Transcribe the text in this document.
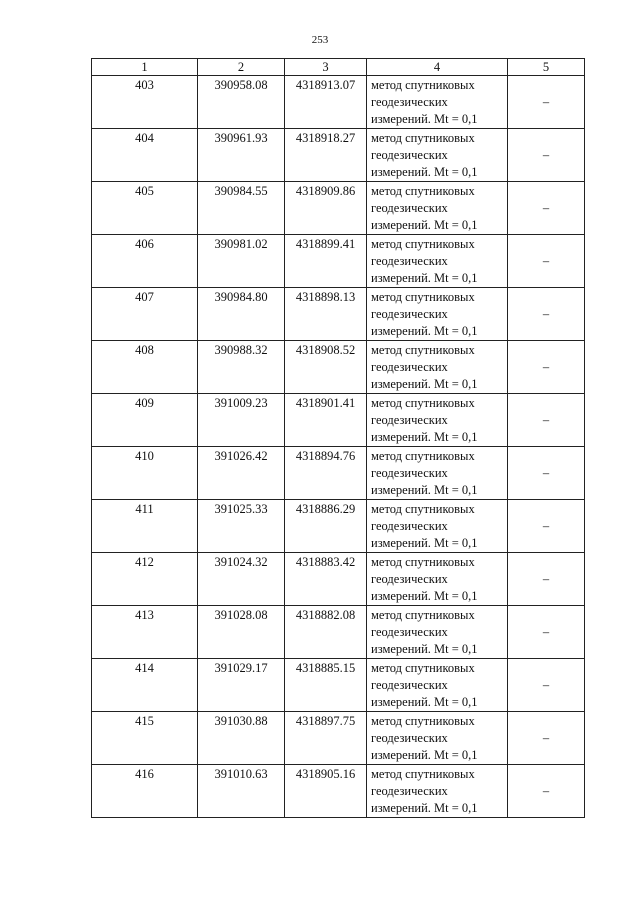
253
1	2	3	4	5
403	390958.08	4318913.07	метод спутниковых
геодезических
измерений. Mt = 0,1	–
404	390961.93	4318918.27	метод спутниковых
геодезических
измерений. Mt = 0,1	–
405	390984.55	4318909.86	метод спутниковых
геодезических
измерений. Mt = 0,1	–
406	390981.02	4318899.41	метод спутниковых
геодезических
измерений. Mt = 0,1	–
407	390984.80	4318898.13	метод спутниковых
геодезических
измерений. Mt = 0,1	–
408	390988.32	4318908.52	метод спутниковых
геодезических
измерений. Mt = 0,1	–
409	391009.23	4318901.41	метод спутниковых
геодезических
измерений. Mt = 0,1	–
410	391026.42	4318894.76	метод спутниковых
геодезических
измерений. Mt = 0,1	–
411	391025.33	4318886.29	метод спутниковых
геодезических
измерений. Mt = 0,1	–
412	391024.32	4318883.42	метод спутниковых
геодезических
измерений. Mt = 0,1	–
413	391028.08	4318882.08	метод спутниковых
геодезических
измерений. Mt = 0,1	–
414	391029.17	4318885.15	метод спутниковых
геодезических
измерений. Mt = 0,1	–
415	391030.88	4318897.75	метод спутниковых
геодезических
измерений. Mt = 0,1	–
416	391010.63	4318905.16	метод спутниковых
геодезических
измерений. Mt = 0,1	–
